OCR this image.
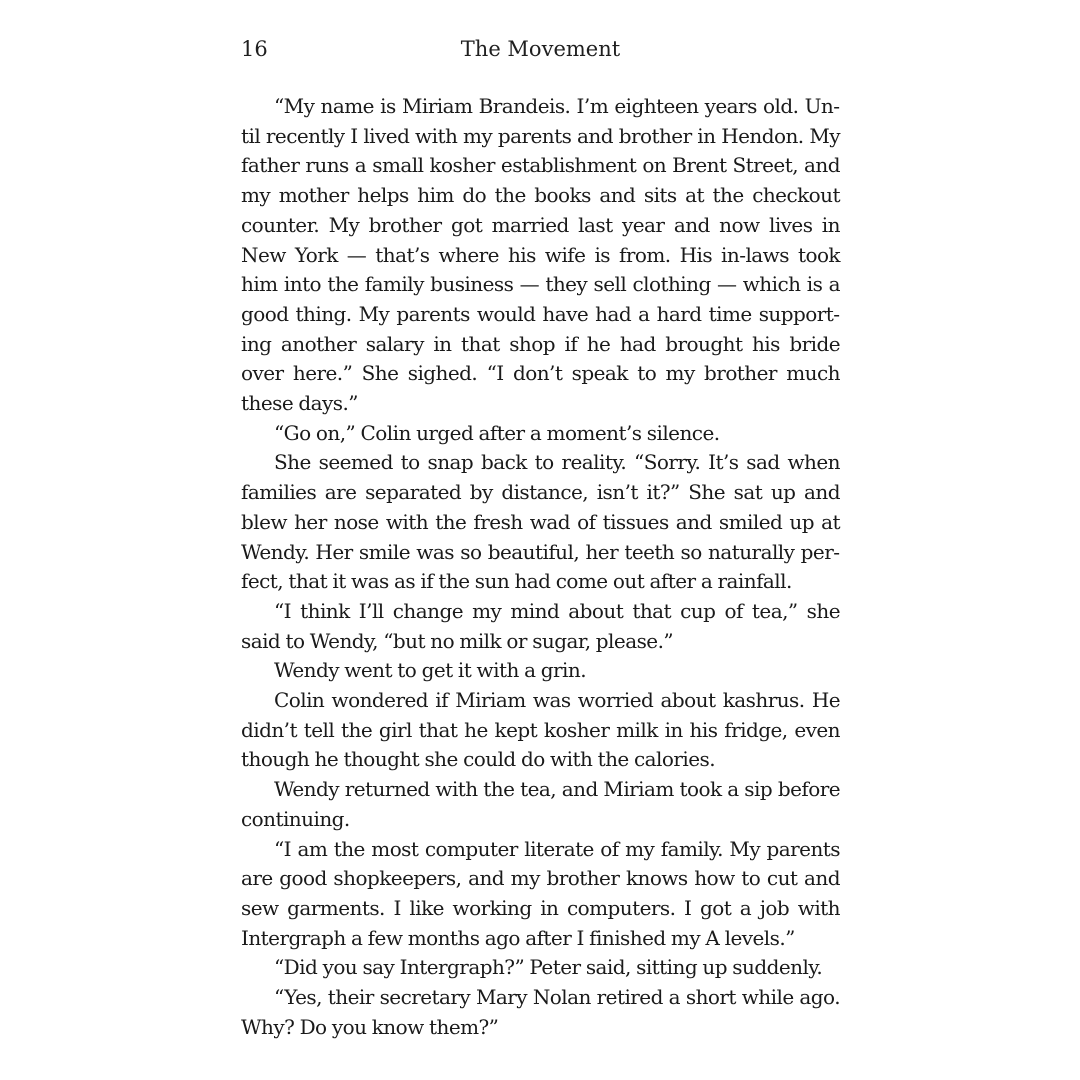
16	The Movement

“My name is Miriam Brandeis. I’m eighteen years old. Until recently I lived with my parents and brother in Hendon. My father runs a small kosher establishment on Brent Street, and my mother helps him do the books and sits at the checkout counter. My brother got married last year and now lives in New York — that’s where his wife is from. His in-laws took him into the family business — they sell clothing — which is a good thing. My parents would have had a hard time supporting another salary in that shop if he had brought his bride over here.” She sighed. “I don’t speak to my brother much these days.”

“Go on,” Colin urged after a moment’s silence.

She seemed to snap back to reality. “Sorry. It’s sad when families are separated by distance, isn’t it?” She sat up and blew her nose with the fresh wad of tissues and smiled up at Wendy. Her smile was so beautiful, her teeth so naturally perfect, that it was as if the sun had come out after a rainfall.

“I think I’ll change my mind about that cup of tea,” she said to Wendy, “but no milk or sugar, please.”

Wendy went to get it with a grin.

Colin wondered if Miriam was worried about kashrus. He didn’t tell the girl that he kept kosher milk in his fridge, even though he thought she could do with the calories.

Wendy returned with the tea, and Miriam took a sip before continuing.

“I am the most computer literate of my family. My parents are good shopkeepers, and my brother knows how to cut and sew garments. I like working in computers. I got a job with Intergraph a few months ago after I finished my A levels.”

“Did you say Intergraph?” Peter said, sitting up suddenly.

“Yes, their secretary Mary Nolan retired a short while ago. Why? Do you know them?”
